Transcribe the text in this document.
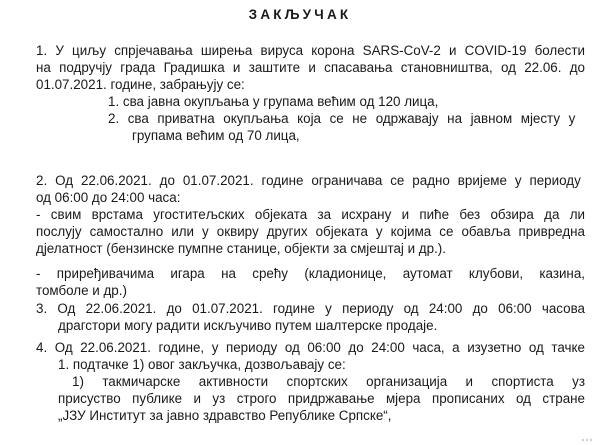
ЗАКЉУЧАК
1. У циљу спрјечавања ширења вируса корона SARS-CoV-2 и COVID-19 болести
на подручју града Градишка и заштите и спасавања становништва, од 22.06. до
01.07.2021. године, забрањују се:
1. сва јавна окупљања у групама већим од 120 лица,
2. сва приватна окупљања која се не одржавају на јавном мјесту у
групама већим од 70 лица,
2. Од 22.06.2021. до 01.07.2021. године ограничава се радно вријеме у периоду
од 06:00 до 24:00 часа:
- свим врстама угоститељских објеката за исхрану и пиће без обзира да ли
послују самостално или у оквиру других објеката у којима се обавља привредна
дјелатност (бензинске пумпне станице, објекти за смјештај и др.).
- приређивачима игара на срећу (кладионице, аутомат клубови, казина,
томболе и др.)
3. Од 22.06.2021. до 01.07.2021. године у периоду од 24:00 до 06:00 часова
драгстори могу радити искључиво путем шалтерске продаје.
4. Од 22.06.2021. године, у периоду од 06:00 до 24:00 часа, а изузетно од тачке
1. подтачке 1) овог закључка, дозвољавају се:
1) такмичарске активности спортских организација и спортиста уз
присуство публике и уз строго придржавање мјера прописаних од стране
„ЈЗУ Институт за јавно здравство Републике Српске“,
